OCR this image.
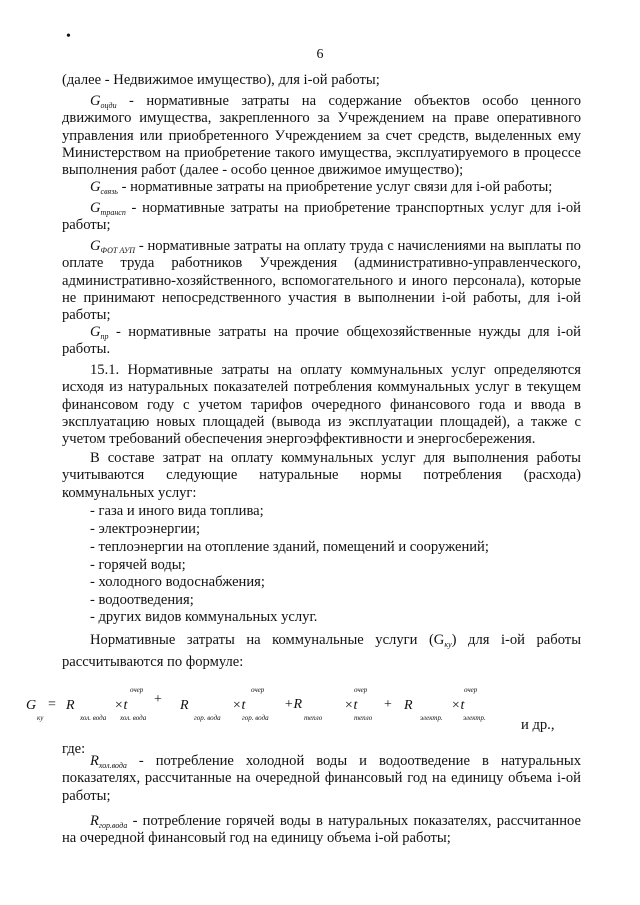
•
6
(далее - Недвижимое имущество), для i-ой работы;
$G_{оцди}$ - нормативные затраты на содержание объектов особо ценного движимого имущества, закрепленного за Учреждением на праве оперативного управления или приобретенного Учреждением за счет средств, выделенных ему Министерством на приобретение такого имущества, эксплуатируемого в процессе выполнения работ (далее - особо ценное движимое имущество);
$G_{связь}$ - нормативные затраты на приобретение услуг связи для i-ой работы;
$G_{трансп}$ - нормативные затраты на приобретение транспортных услуг для i-ой работы;
$G_{ФОТ АУП}$ - нормативные затраты на оплату труда с начислениями на выплаты по оплате труда работников Учреждения (административно-управленческого, административно-хозяйственного, вспомогательного и иного персонала), которые не принимают непосредственного участия в выполнении i-ой работы, для i-ой работы;
$G_{пр}$ - нормативные затраты на прочие общехозяйственные нужды для i-ой работы.
15.1. Нормативные затраты на оплату коммунальных услуг определяются исходя из натуральных показателей потребления коммунальных услуг в текущем финансовом году с учетом тарифов очередного финансового года и ввода в эксплуатацию новых площадей (вывода из эксплуатации площадей), а также с учетом требований обеспечения энергоэффективности и энергосбережения.
В составе затрат на оплату коммунальных услуг для выполнения работы учитываются следующие натуральные нормы потребления (расхода) коммунальных услуг:
- газа и иного вида топлива;
- электроэнергии;
- теплоэнергии на отопление зданий, помещений и сооружений;
- горячей воды;
- холодного водоснабжения;
- водоотведения;
- других видов коммунальных услуг.
Нормативные затраты на коммунальные услуги $(G_{ку})$ для i-ой работы рассчитываются по формуле:
G
ку
= R
хол. вода
×t
очер
хол. вода
+ R
гор. вода
×t
очер
гор. вода
+R
тепло
×t
очер
тепло
+ R
электр.
×t
очер
электр. и др.,
где:
$R_{хол.вода}$ - потребление холодной воды и водоотведение в натуральных показателях, рассчитанные на очередной финансовый год на единицу объема i-ой работы;
$R_{гор.вода}$ - потребление горячей воды в натуральных показателях, рассчитанное на очередной финансовый год на единицу объема i-ой работы;
